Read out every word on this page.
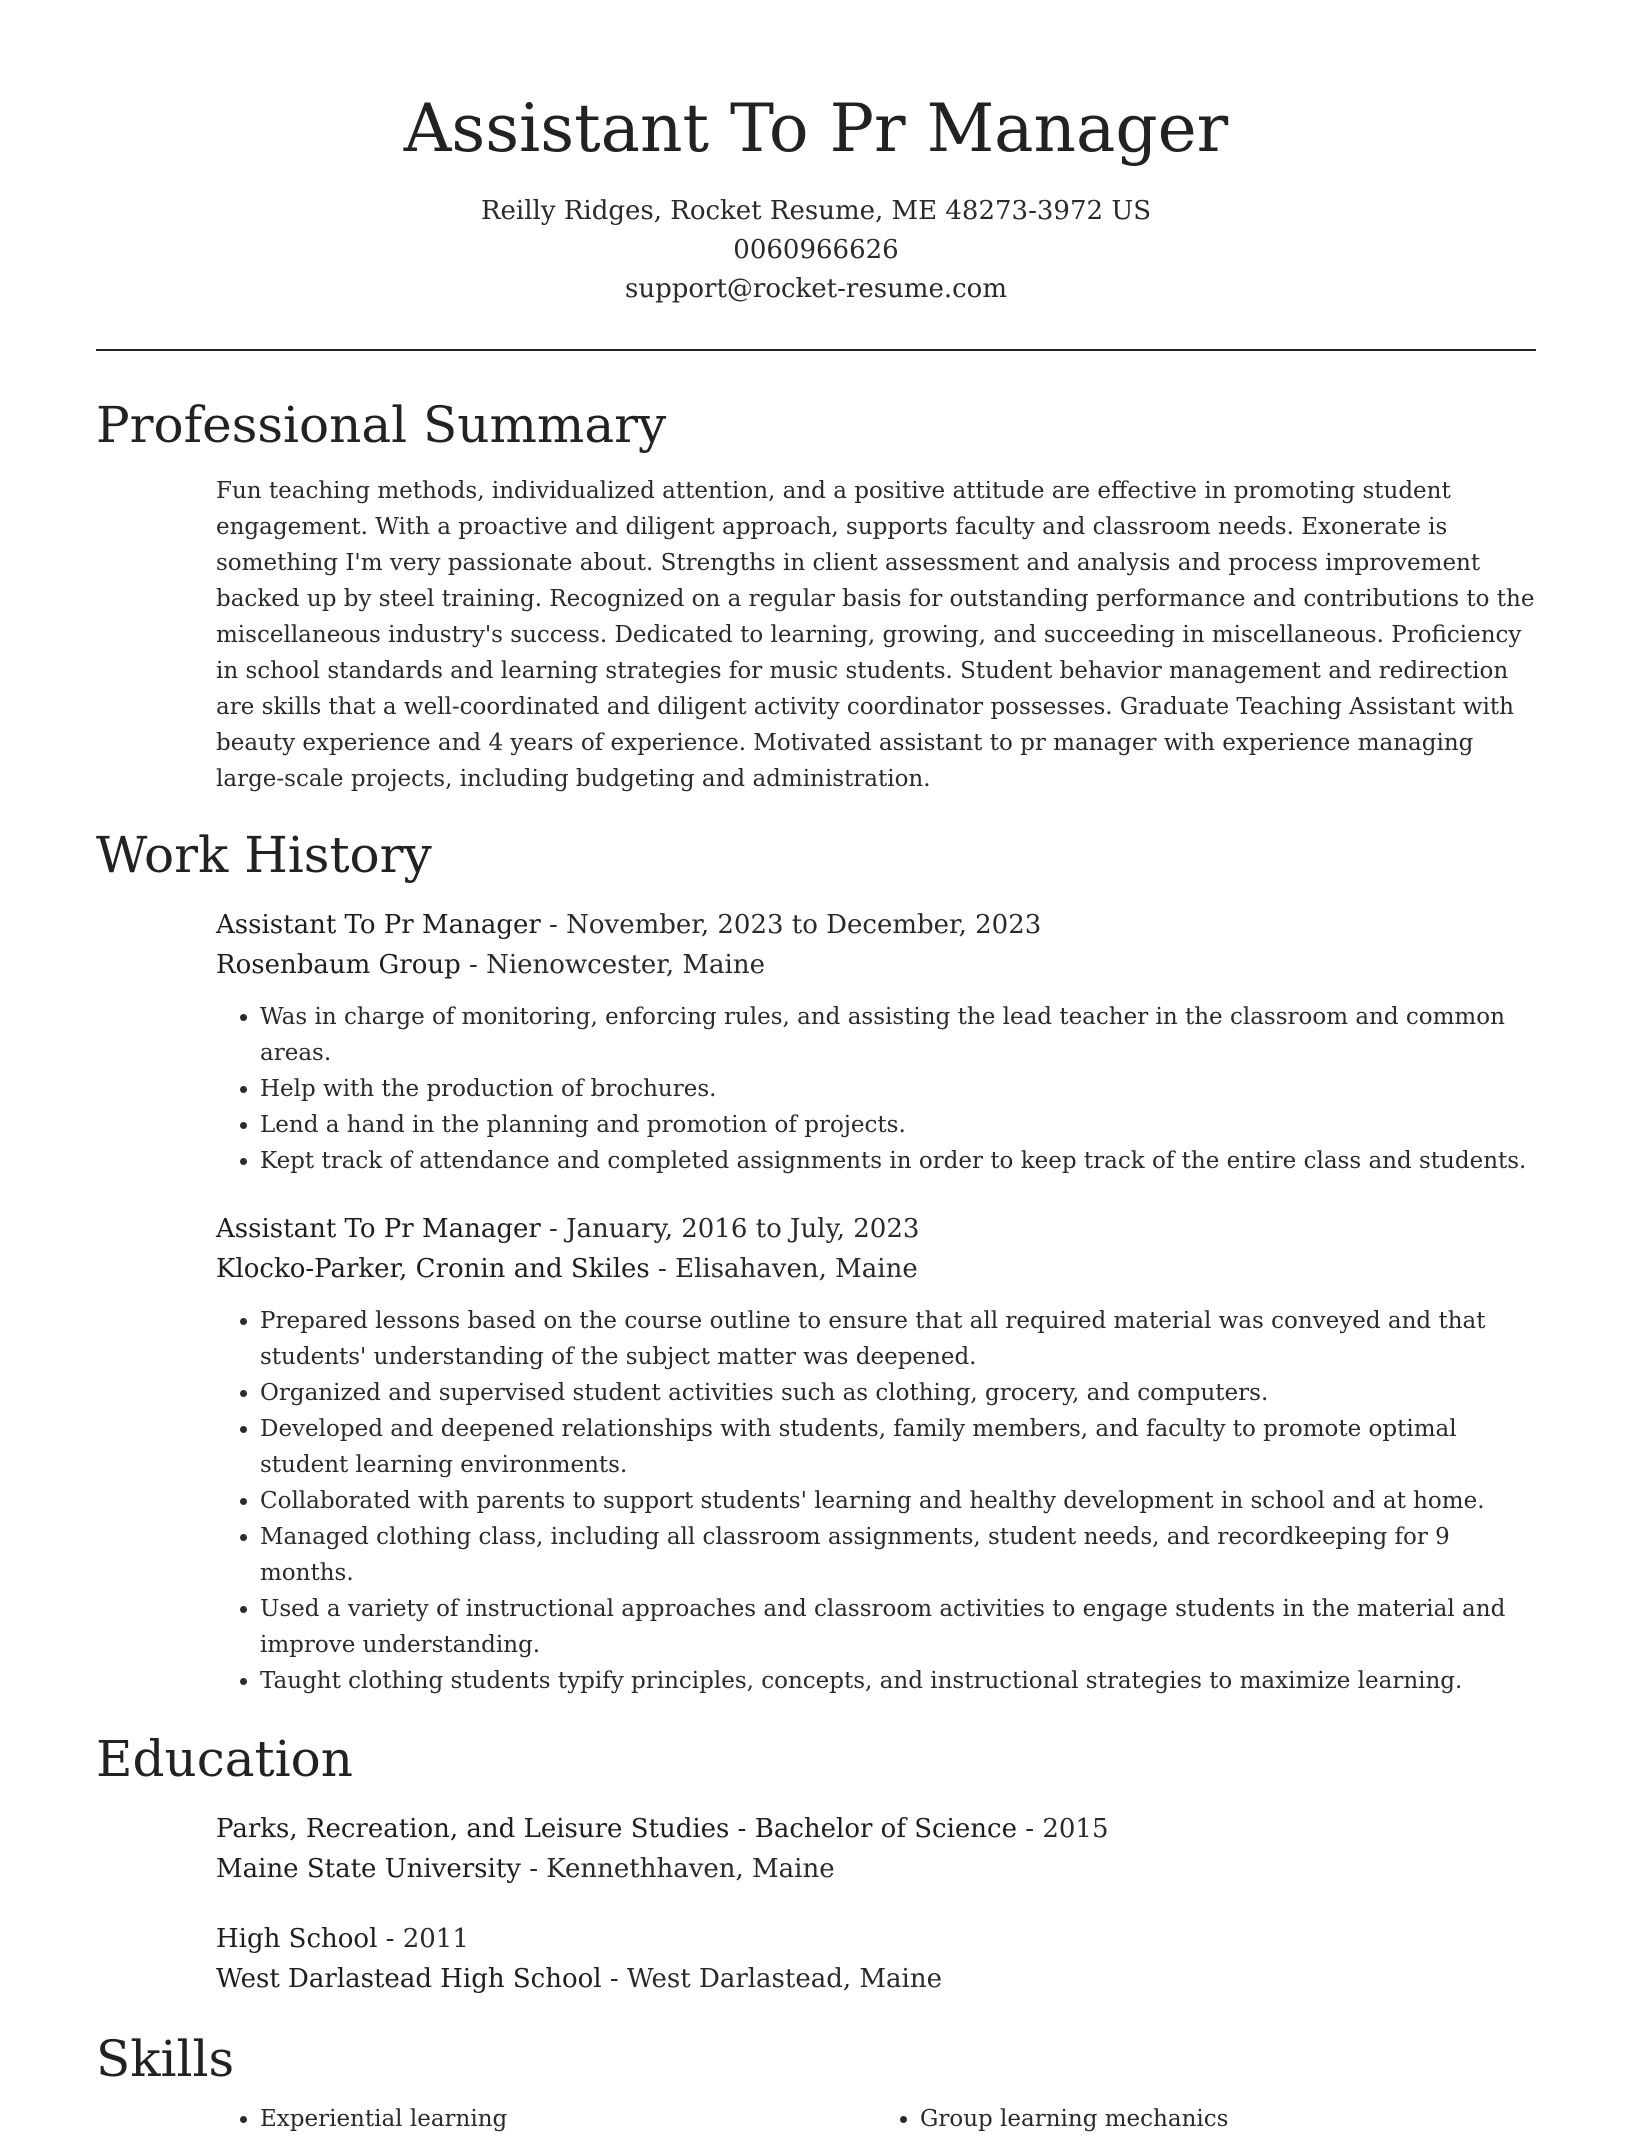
Assistant To Pr Manager
Reilly Ridges, Rocket Resume, ME 48273-3972 US
0060966626
support@rocket-resume.com
Professional Summary

Fun teaching methods, individualized attention, and a positive attitude are effective in promoting student engagement. With a proactive and diligent approach, supports faculty and classroom needs. Exonerate is something I'm very passionate about. Strengths in client assessment and analysis and process improvement backed up by steel training. Recognized on a regular basis for outstanding performance and contributions to the miscellaneous industry's success. Dedicated to learning, growing, and succeeding in miscellaneous. Proficiency in school standards and learning strategies for music students. Student behavior management and redirection are skills that a well-coordinated and diligent activity coordinator possesses. Graduate Teaching Assistant with beauty experience and 4 years of experience. Motivated assistant to pr manager with experience managing large-scale projects, including budgeting and administration.

Work History
Assistant To Pr Manager - November, 2023 to December, 2023
Rosenbaum Group - Nienowcester, Maine
• Was in charge of monitoring, enforcing rules, and assisting the lead teacher in the classroom and common areas.
• Help with the production of brochures.
• Lend a hand in the planning and promotion of projects.
• Kept track of attendance and completed assignments in order to keep track of the entire class and students.
Assistant To Pr Manager - January, 2016 to July, 2023
Klocko-Parker, Cronin and Skiles - Elisahaven, Maine
• Prepared lessons based on the course outline to ensure that all required material was conveyed and that students' understanding of the subject matter was deepened.
• Organized and supervised student activities such as clothing, grocery, and computers.
• Developed and deepened relationships with students, family members, and faculty to promote optimal student learning environments.
• Collaborated with parents to support students' learning and healthy development in school and at home.
• Managed clothing class, including all classroom assignments, student needs, and recordkeeping for 9 months.
• Used a variety of instructional approaches and classroom activities to engage students in the material and improve understanding.
• Taught clothing students typify principles, concepts, and instructional strategies to maximize learning.
Education
Parks, Recreation, and Leisure Studies - Bachelor of Science - 2015
Maine State University - Kennethhaven, Maine
High School - 2011
West Darlastead High School - West Darlastead, Maine
Skills
• Experiential learning
•	Group learning mechanics
